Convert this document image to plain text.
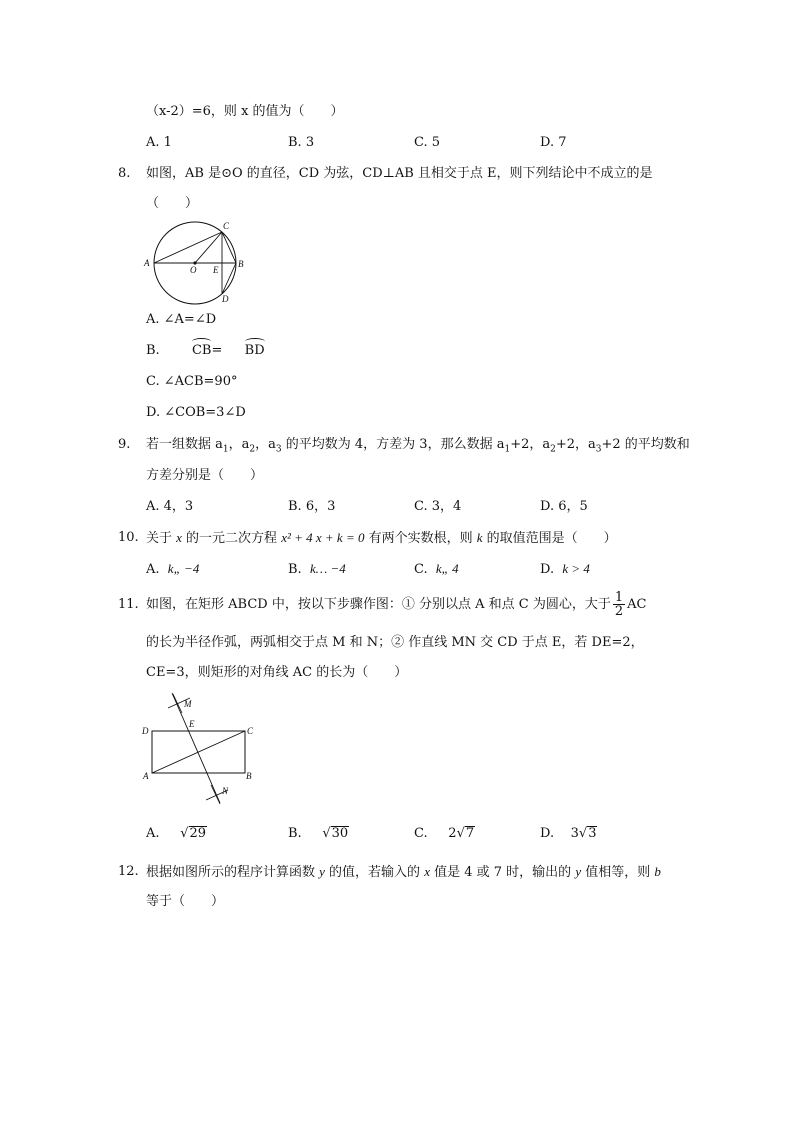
（x-2）=6，则 x 的值为（　　）
A. 1	B. 3	C. 5	D. 7
8. 如图，AB 是⊙O 的直径，CD 为弦，CD⊥AB 且相交于点 E，则下列结论中不成立的是
（　　）
A
O E
B
C
D
A. ∠A=∠D
B. CB= BD
C. ∠ACB=90°
D. ∠COB=3∠D
9. 若一组数据 $a_1$，$a_2$，$a_3$ 的平均数为 4，方差为 3，那么数据 $a_1+2$，$a_2+2$，$a_3+2$ 的平均数和
方差分别是（　　）
A. 4，3	B. 6，3	C. 3，4	D. 6，5
10. 关于 x 的一元二次方程 x² + 4 x + k = 0 有两个实数根，则 k 的取值范围是（　　）
A. k„ −4	B. k… −4	C. k„ 4	D. k > 4
11. 如图，在矩形 ABCD 中，按以下步骤作图：① 分别以点 A 和点 C 为圆心，大于 $\frac{1}{2}$ AC
的长为半径作弧，两弧相交于点 M 和 N；② 作直线 MN 交 CD 于点 E，若 DE=2，
CE=3，则矩形的对角线 AC 的长为（　　）
M
D
E
C
A	B
N
A. √29	B. √30	C. 2√7	D. 3√3
12. 根据如图所示的程序计算函数 y 的值，若输入的 x 值是 4 或 7 时，输出的 y 值相等，则 b
等于（　　）
